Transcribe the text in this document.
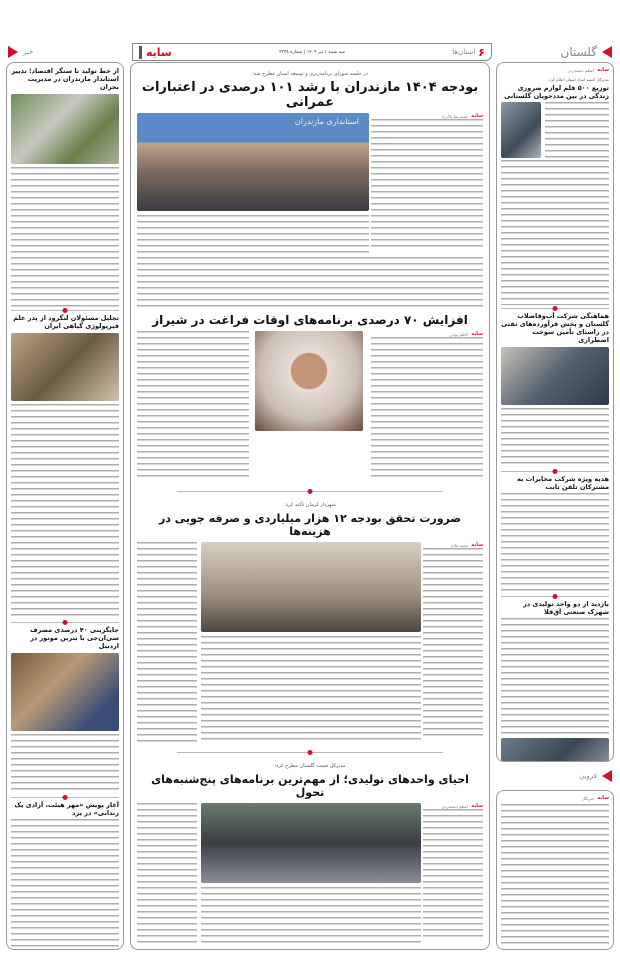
گلستان
۶
استان‌ها
سه شنبه ۱ تیر ۱۴۰۴ | شماره ۲۳۴۸
سایه
خبر
سایه
اعظم دستجردی
مدیرکل کمیته امداد استان اعلام کرد:
توزیع ۵۰۰ قلم لوازم ضروری زندگی در بین مددجویان گلستانی
هماهنگی شرکت آب‌وفاضلاب گلستان و پخش فرآورده‌های نفتی در راستای تأمین سوخت اضطراری
هدیه ویژه شرکت مخابرات به مشترکان تلفن ثابت
بازدید از دو واحد تولیدی در شهرک صنعتی آق‌قلا
قزوین
سایه
خبرنگار
در جلسه شورای برنامه‌ریزی و توسعه استان مطرح شد:
بودجه ۱۴۰۴ مازندران با رشد ۱۰۱ درصدی در اعتبارات عمرانی
استانداری مازندران
سایه
حمیدرضا پاک‌زاد
افزایش ۷۰ درصدی برنامه‌های اوقات فراغت در شیراز
سایه
کاظم نوایی
شهردار کرمان تأکید کرد:
ضرورت تحقق بودجه ۱۲ هزار میلیاردی و صرفه جویی در هزینه‌ها
سایه
محمد فلاح
مدیرکل صمت گلستان مطرح کرد:
احیای واحدهای تولیدی؛ از مهم‌ترین برنامه‌های پنج‌شنبه‌های تحول
سایه
اعظم دستجردی
از خط تولید تا سنگر اقتصاد؛ تدبیر استاندار مازندران در مدیریت بحران
تجلیل مسئولان لنگرود از پدر علم فیزیولوژی گیاهی ایران
جایگزینی ۴۰ درصدی مصرف سی‌ان‌جی با بنزین موتور در اردبیل
آغاز پویش «مهر هیئت، آزادی یک زندانی» در یزد
